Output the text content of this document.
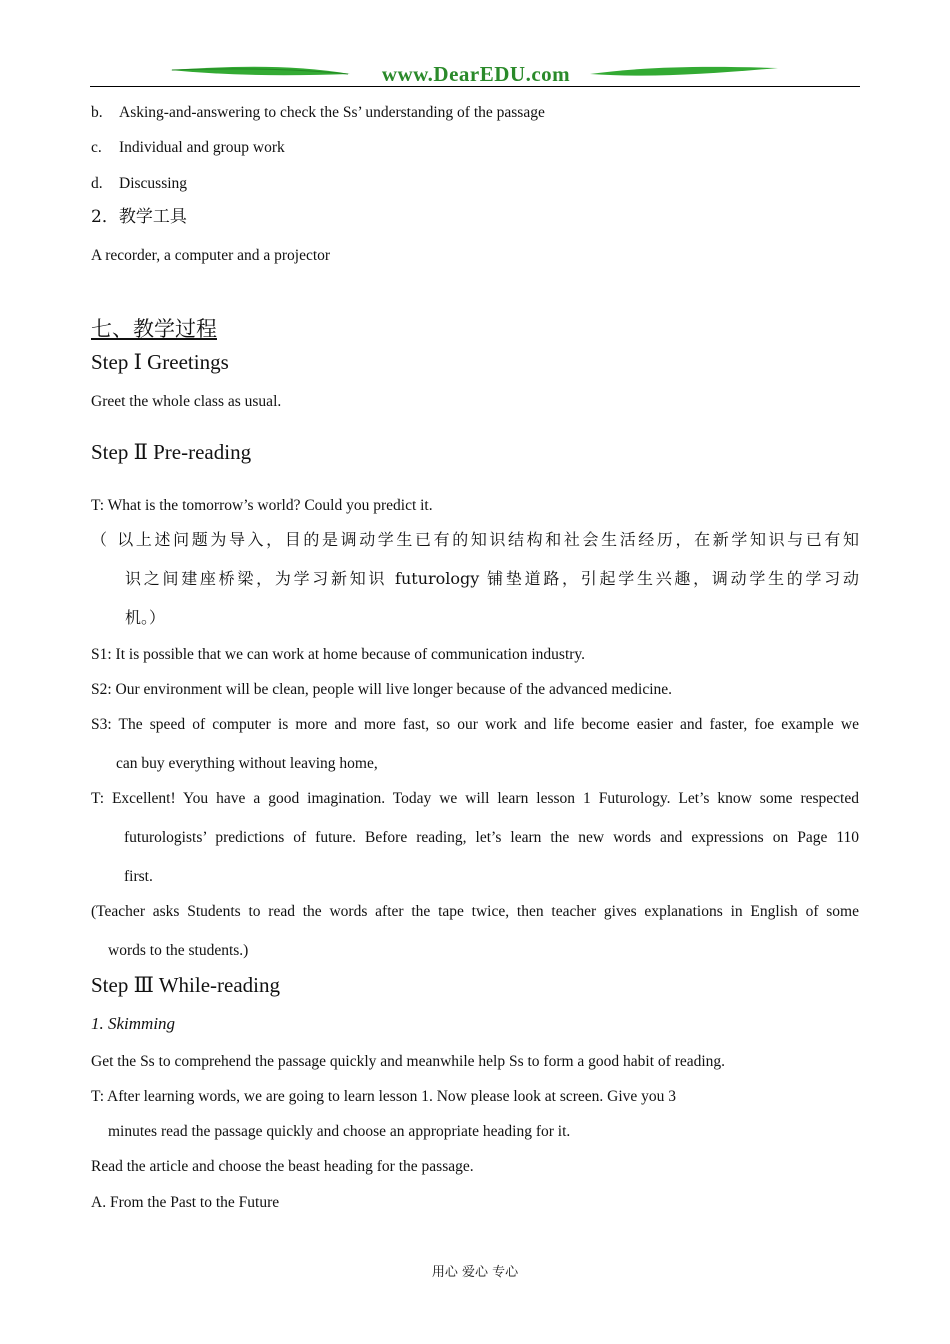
www.DearEDU.com
b. Asking-and-answering to check the Ss’ understanding of the passage
c. Individual and group work
d. Discussing
2．教学工具
A recorder, a computer and a projector
七、教学过程
Step Ⅰ Greetings
Greet the whole class as usual.
Step Ⅱ Pre-reading
T: What is the tomorrow’s world? Could you predict it.
（ 以上述问题为导入，目的是调动学生已有的知识结构和社会生活经历，在新学知识与已有知
识之间建座桥梁，为学习新知识 futurology 铺垫道路，引起学生兴趣，调动学生的学习动
机。）
S1: It is possible that we can work at home because of communication industry.
S2: Our environment will be clean, people will live longer because of the advanced medicine.
S3: The speed of computer is more and more fast, so our work and life become easier and faster, foe example we
can buy everything without leaving home,
T: Excellent! You have a good imagination. Today we will learn lesson 1 Futurology. Let’s know some respected
futurologists’ predictions of future. Before reading, let’s learn the new words and expressions on Page 110
first.
(Teacher asks Students to read the words after the tape twice, then teacher gives explanations in English of some
words to the students.)
Step Ⅲ While-reading
1. Skimming
Get the Ss to comprehend the passage quickly and meanwhile help Ss to form a good habit of reading.
T: After learning words, we are going to learn lesson 1. Now please look at screen. Give you 3
minutes read the passage quickly and choose an appropriate heading for it.
Read the article and choose the beast heading for the passage.
A. From the Past to the Future
用心 爱心 专心
